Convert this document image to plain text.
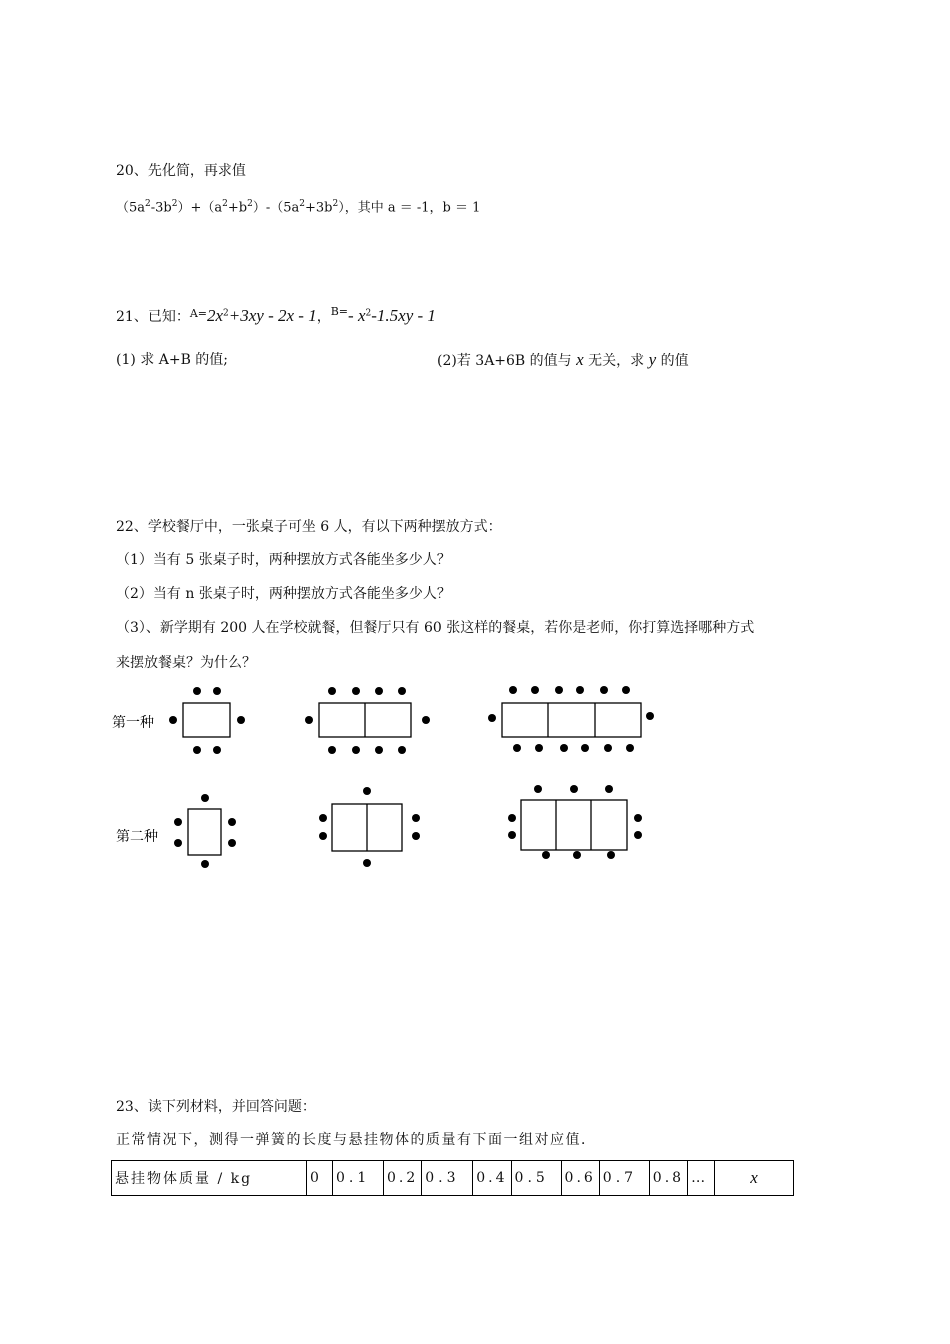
20、先化简，再求值
$(5a^2-3b^2)+(a^2+b^2)-(5a^2+3b^2)$，其中 a ＝ -1，b ＝ 1
21、已知：$^{A=}2x^2+3xy - 2x - 1$，$^{B=}$- $x^2-1.5xy - 1$
(1) 求 A+B 的值;	(2)若 3A+6B 的值与 x 无关，求 y 的值
22、学校餐厅中，一张桌子可坐 6 人，有以下两种摆放方式：
（1）当有 5 张桌子时，两种摆放方式各能坐多少人？
（2）当有 n 张桌子时，两种摆放方式各能坐多少人？
（3）、新学期有 200 人在学校就餐，但餐厅只有 60 张这样的餐桌，若你是老师，你打算选择哪种方式
来摆放餐桌？为什么？
第一种
第二种
23、读下列材料，并回答问题：
正常情况下，测得一弹簧的长度与悬挂物体的质量有下面一组对应值．
悬挂物体质量 / kg	0	0.1	0.2	0.3	0.4	0.5	0.6	0.7	0.8	…	x
